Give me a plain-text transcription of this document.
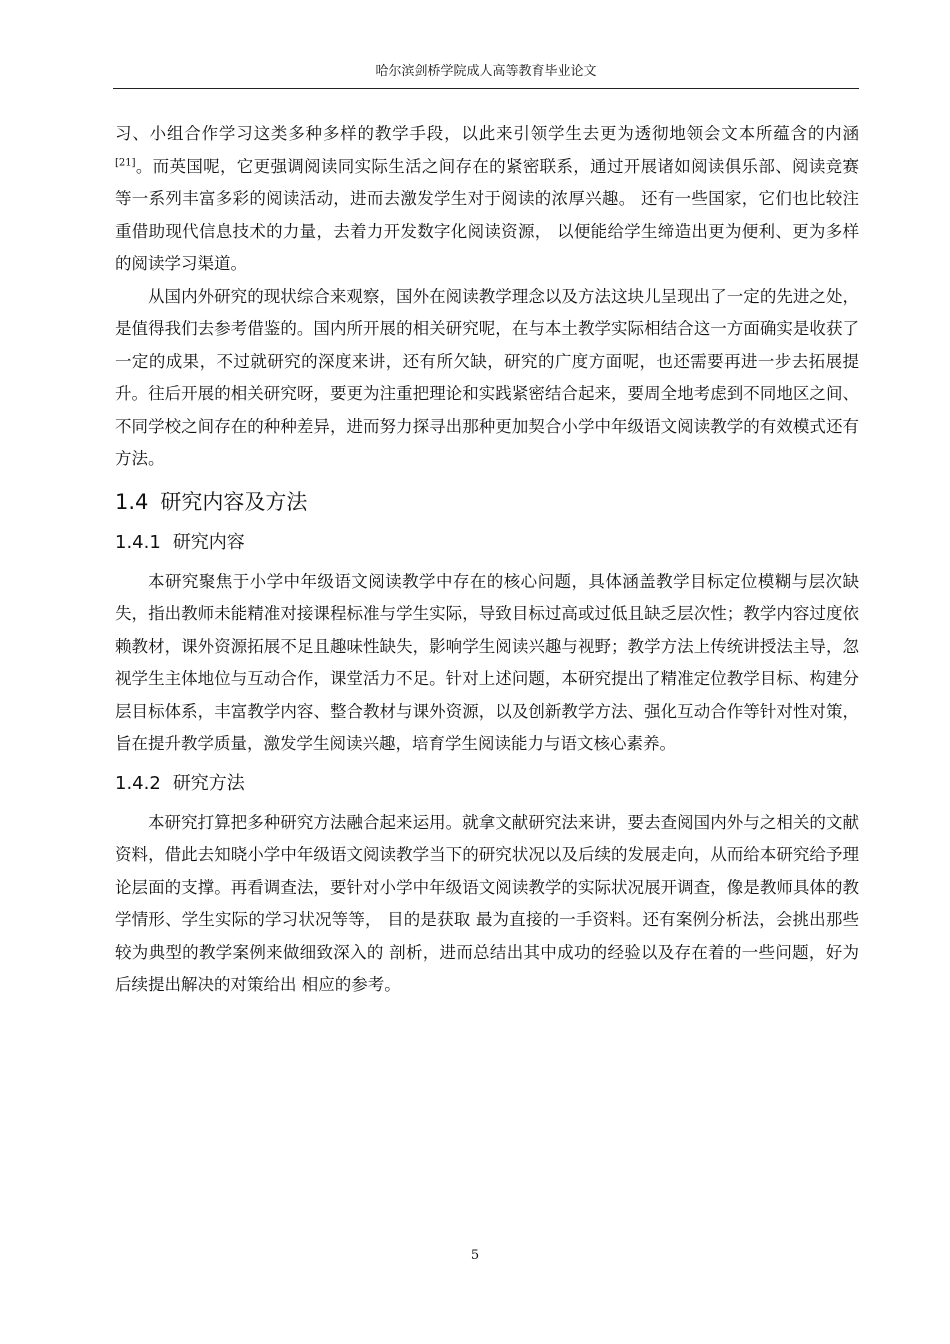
哈尔滨剑桥学院成人高等教育毕业论文

习、小组合作学习这类多种多样的教学手段，以此来引领学生去更为透彻地领会文本所蕴含的内涵[21]。而英国呢，它更强调阅读同实际生活之间存在的紧密联系，通过开展诸如阅读俱乐部、阅读竞赛等一系列丰富多彩的阅读活动，进而去激发学生对于阅读的浓厚兴趣。 还有一些国家，它们也比较注重借助现代信息技术的力量，去着力开发数字化阅读资源， 以便能给学生缔造出更为便利、更为多样的阅读学习渠道。

从国内外研究的现状综合来观察，国外在阅读教学理念以及方法这块儿呈现出了一定的先进之处，是值得我们去参考借鉴的。国内所开展的相关研究呢，在与本土教学实际相结合这一方面确实是收获了一定的成果，不过就研究的深度来讲，还有所欠缺，研究的广度方面呢，也还需要再进一步去拓展提升。往后开展的相关研究呀，要更为注重把理论和实践紧密结合起来，要周全地考虑到不同地区之间、不同学校之间存在的种种差异，进而努力探寻出那种更加契合小学中年级语文阅读教学的有效模式还有方法。

1.4 研究内容及方法
1.4.1 研究内容

本研究聚焦于小学中年级语文阅读教学中存在的核心问题，具体涵盖教学目标定位模糊与层次缺失，指出教师未能精准对接课程标准与学生实际，导致目标过高或过低且缺乏层次性；教学内容过度依赖教材，课外资源拓展不足且趣味性缺失，影响学生阅读兴趣与视野；教学方法上传统讲授法主导，忽视学生主体地位与互动合作，课堂活力不足。针对上述问题，本研究提出了精准定位教学目标、构建分层目标体系，丰富教学内容、整合教材与课外资源，以及创新教学方法、强化互动合作等针对性对策，旨在提升教学质量，激发学生阅读兴趣，培育学生阅读能力与语文核心素养。

1.4.2 研究方法

本研究打算把多种研究方法融合起来运用。就拿文献研究法来讲，要去查阅国内外与之相关的文献资料，借此去知晓小学中年级语文阅读教学当下的研究状况以及后续的发展走向，从而给本研究给予理论层面的支撑。再看调查法，要针对小学中年级语文阅读教学的实际状况展开调查，像是教师具体的教学情形、学生实际的学习状况等等， 目的是获取 最为直接的一手资料。还有案例分析法，会挑出那些较为典型的教学案例来做细致深入的 剖析，进而总结出其中成功的经验以及存在着的一些问题，好为后续提出解决的对策给出 相应的参考。

5
